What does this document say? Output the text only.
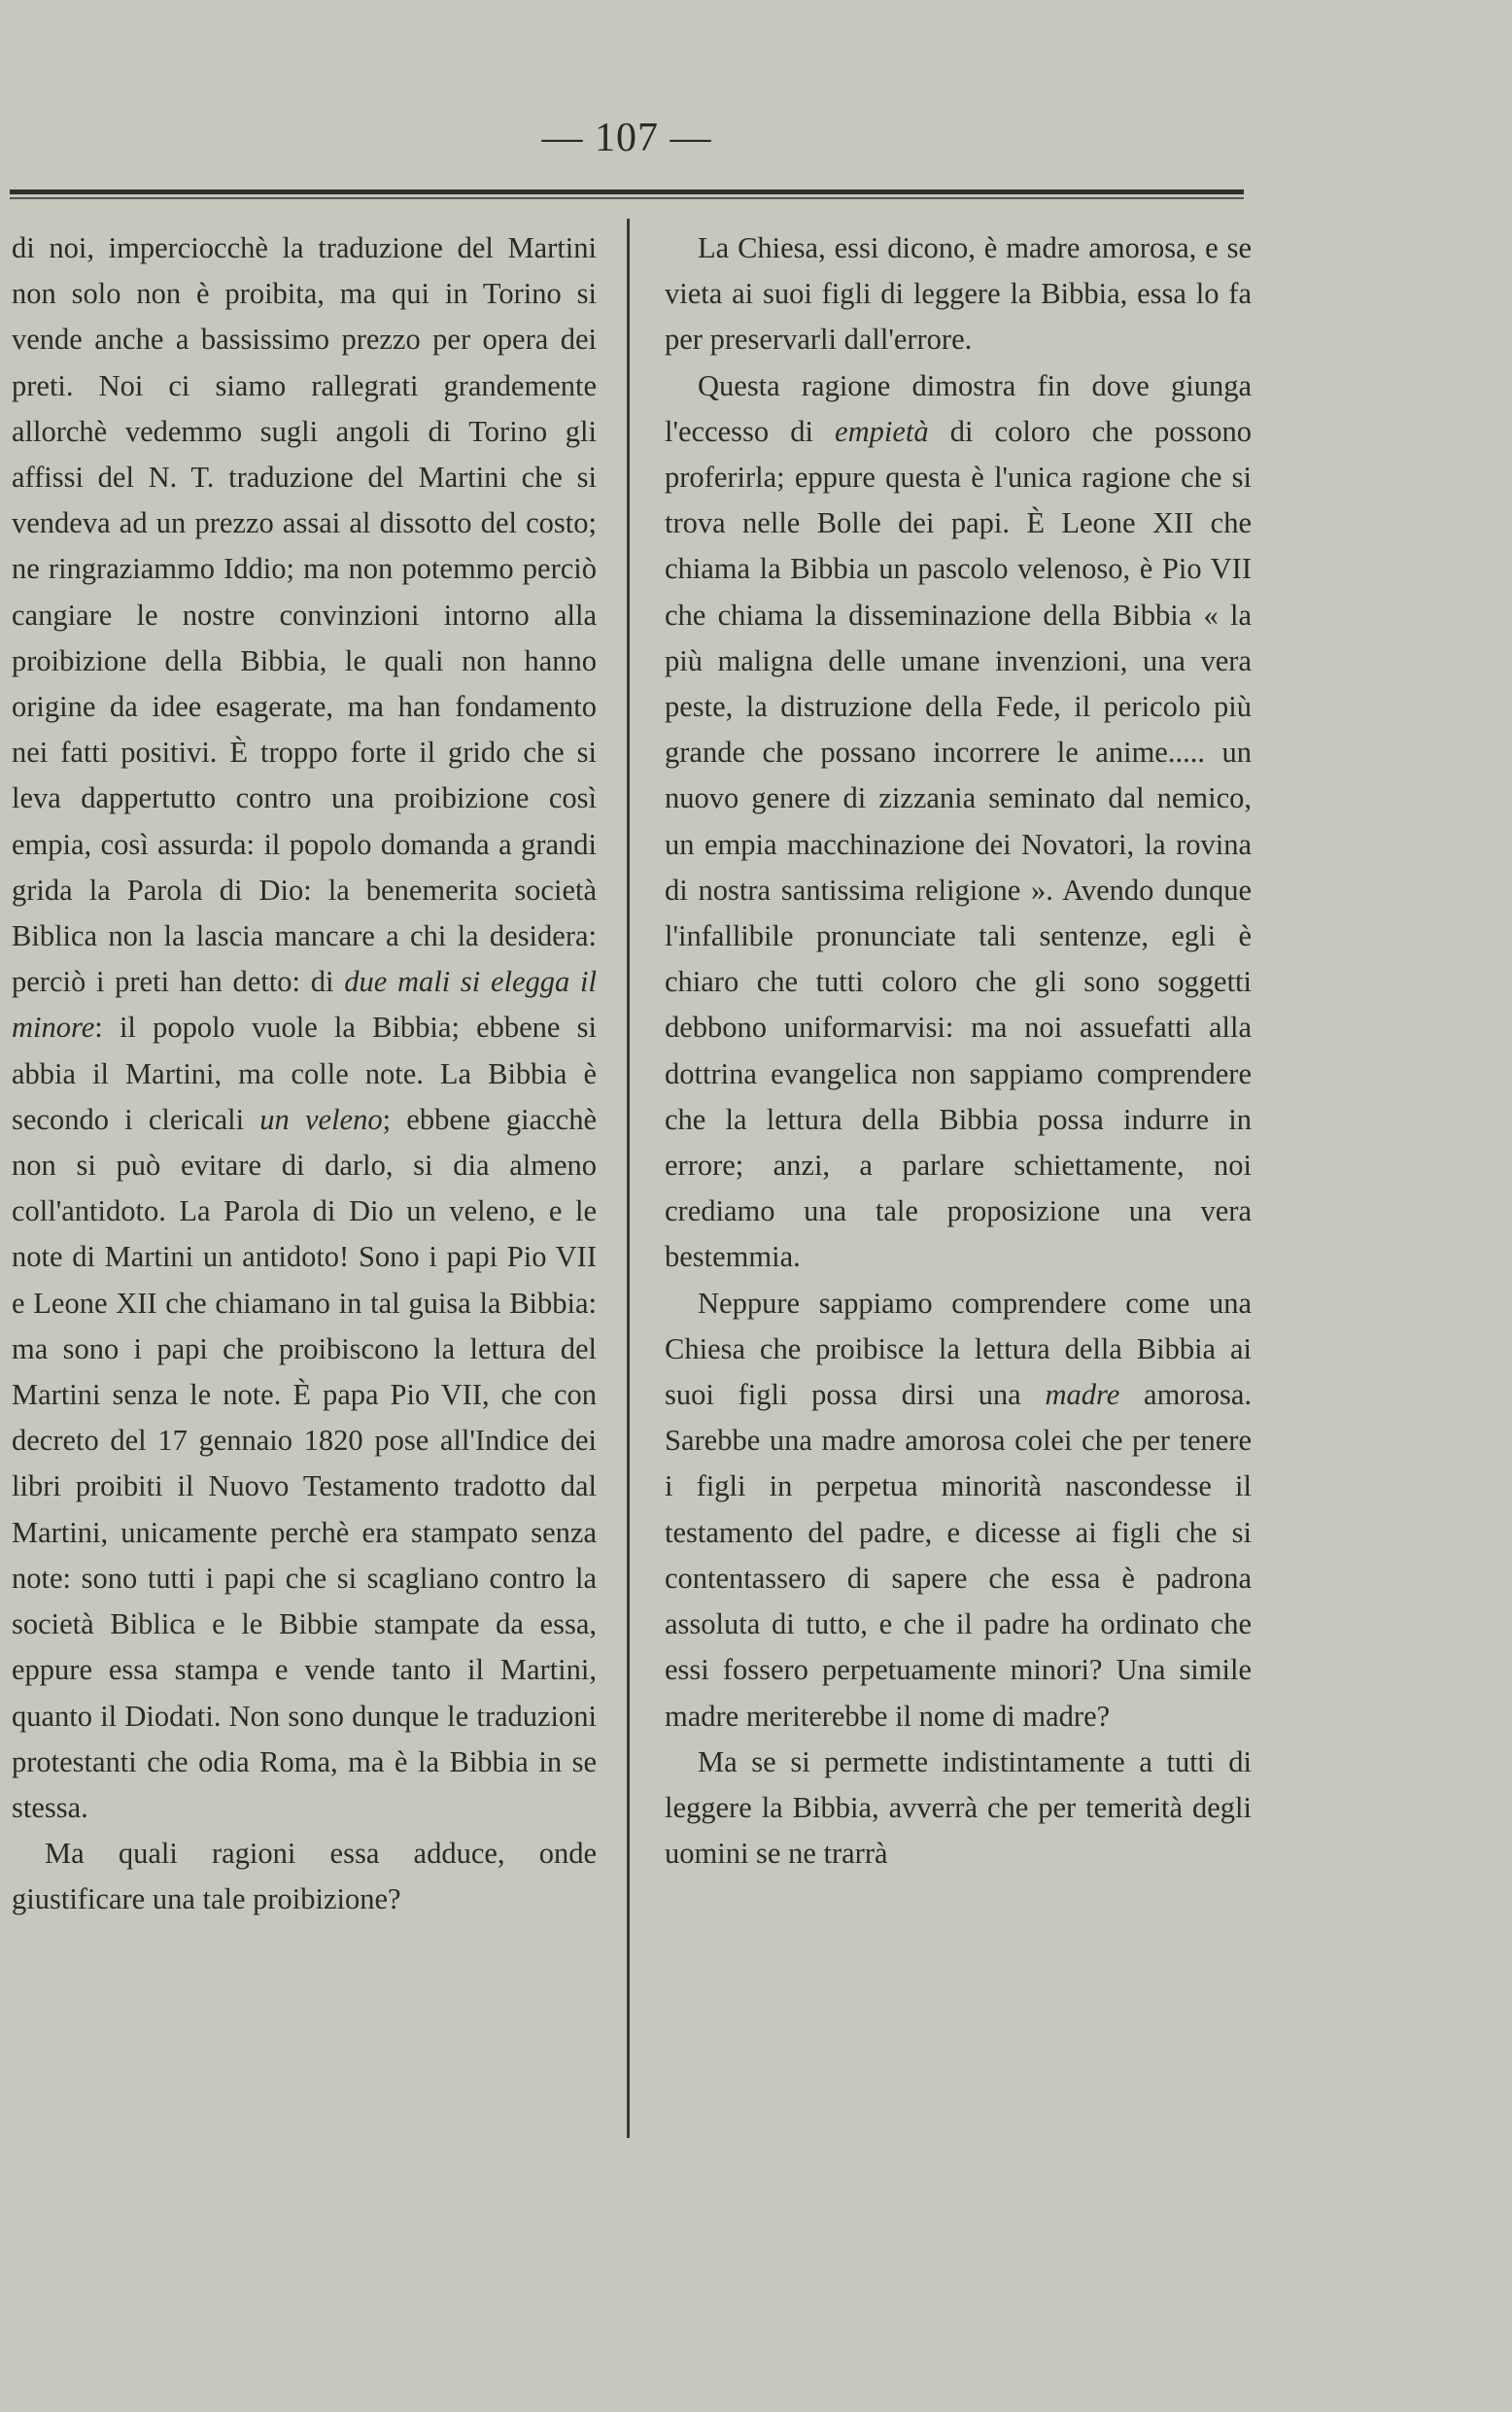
— 107 —

di noi, imperciocchè la traduzione del Martini non solo non è proibita, ma qui in Torino si vende anche a bassissimo prezzo per opera dei preti. Noi ci siamo rallegrati grandemente allorchè vedemmo sugli angoli di Torino gli affissi del N. T. traduzione del Martini che si vendeva ad un prezzo assai al dissotto del costo; ne ringraziammo Iddio; ma non potemmo perciò cangiare le nostre convinzioni intorno alla proibizione della Bibbia, le quali non hanno origine da idee esagerate, ma han fondamento nei fatti positivi. È troppo forte il grido che si leva dappertutto contro una proibizione così empia, così assurda: il popolo domanda a grandi grida la Parola di Dio: la benemerita società Biblica non la lascia mancare a chi la desidera: perciò i preti han detto: di due mali si elegga il minore: il popolo vuole la Bibbia; ebbene si abbia il Martini, ma colle note. La Bibbia è secondo i clericali un veleno; ebbene giacchè non si può evitare di darlo, si dia almeno coll'antidoto. La Parola di Dio un veleno, e le note di Martini un antidoto! Sono i papi Pio VII e Leone XII che chiamano in tal guisa la Bibbia: ma sono i papi che proibiscono la lettura del Martini senza le note. È papa Pio VII, che con decreto del 17 gennaio 1820 pose all'Indice dei libri proibiti il Nuovo Testamento tradotto dal Martini, unicamente perchè era stampato senza note: sono tutti i papi che si scagliano contro la società Biblica e le Bibbie stampate da essa, eppure essa stampa e vende tanto il Martini, quanto il Diodati. Non sono dunque le traduzioni protestanti che odia Roma, ma è la Bibbia in se stessa.

Ma quali ragioni essa adduce, onde giustificare una tale proibizione?

La Chiesa, essi dicono, è madre amorosa, e se vieta ai suoi figli di leggere la Bibbia, essa lo fa per preservarli dall'errore.

Questa ragione dimostra fin dove giunga l'eccesso di empietà di coloro che possono proferirla; eppure questa è l'unica ragione che si trova nelle Bolle dei papi. È Leone XII che chiama la Bibbia un pascolo velenoso, è Pio VII che chiama la disseminazione della Bibbia « la più maligna delle umane invenzioni, una vera peste, la distruzione della Fede, il pericolo più grande che possano incorrere le anime..... un nuovo genere di zizzania seminato dal nemico, un empia macchinazione dei Novatori, la rovina di nostra santissima religione ». Avendo dunque l'infallibile pronunciate tali sentenze, egli è chiaro che tutti coloro che gli sono soggetti debbono uniformarvisi: ma noi assuefatti alla dottrina evangelica non sappiamo comprendere che la lettura della Bibbia possa indurre in errore; anzi, a parlare schiettamente, noi crediamo una tale proposizione una vera bestemmia.

Neppure sappiamo comprendere come una Chiesa che proibisce la lettura della Bibbia ai suoi figli possa dirsi una madre amorosa. Sarebbe una madre amorosa colei che per tenere i figli in perpetua minorità nascondesse il testamento del padre, e dicesse ai figli che si contentassero di sapere che essa è padrona assoluta di tutto, e che il padre ha ordinato che essi fossero perpetuamente minori? Una simile madre meriterebbe il nome di madre?

Ma se si permette indistintamente a tutti di leggere la Bibbia, avverrà che per temerità degli uomini se ne trarrà
